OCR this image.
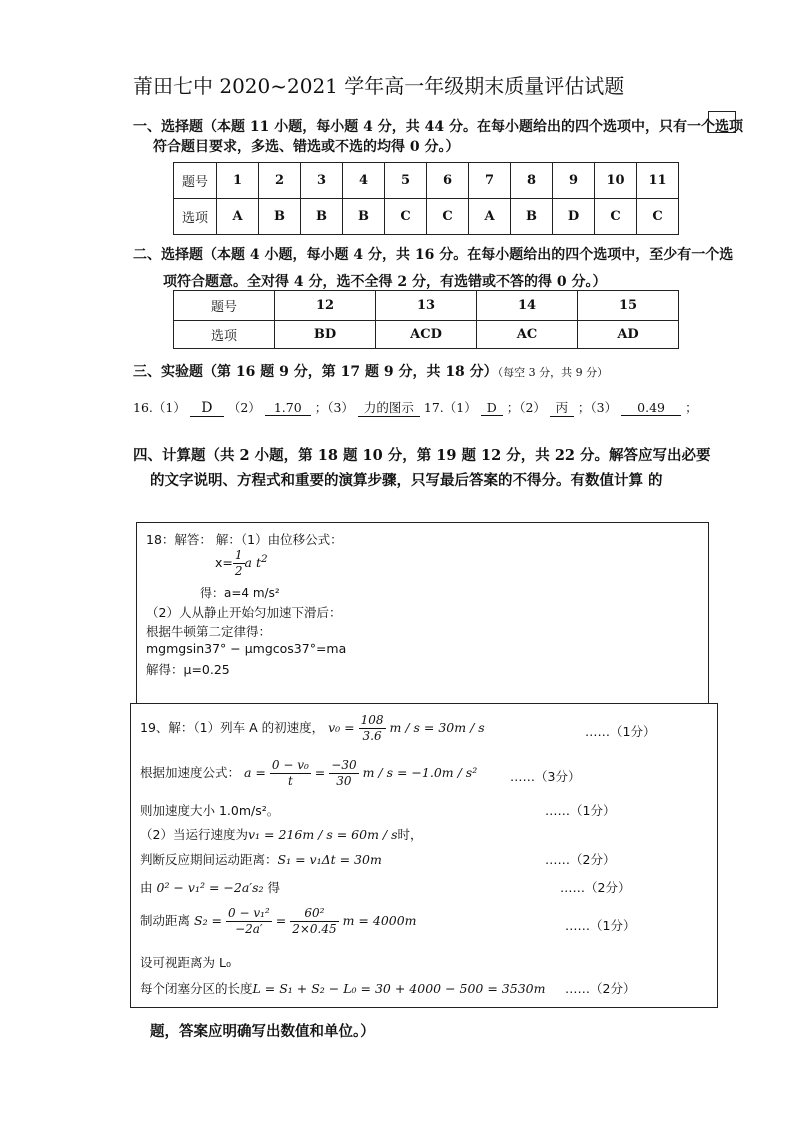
莆田七中 2020~2021 学年高一年级期末质量评估试题
一、选择题（本题 11 小题，每小题 4 分，共 44 分。在每小题给出的四个选项中，只有一个选项
符合题目要求，多选、错选或不选的均得 0 分。）
题号	1	2	3	4	5	6	7	8	9	10	11
选项	A	B	B	B	C	C	A	B	D	C	C
二、选择题（本题 4 小题，每小题 4 分，共 16 分。在每小题给出的四个选项中，至少有一个选
项符合题意。全对得 4 分，选不全得 2 分，有选错或不答的得 0 分。）
题号	12	13	14	15
选项	BD	ACD	AC	AD
三、实验题（第 16 题 9 分，第 17 题 9 分，共 18 分）（每空 3 分，共 9 分）
16.（1） D （2） 1.70 ；（3） 力的图示 17.（1） D ；（2） 丙 ；（3） 0.49 ；
四、计算题（共 2 小题，第 18 题 10 分，第 19 题 12 分，共 22 分。解答应写出必要
的文字说明、方程式和重要的演算步骤，只写最后答案的不得分。有数值计算 的
18：解答： 解：（1）由位移公式：
$x= \frac{1}{2}$ a $t^2$
得：a=4 m/s²
（2）人从静止开始匀加速下滑后：
根据牛顿第二定律得：
mgmgsin37° − μmgcos37°=ma
解得：μ=0.25
19、解：（1）列车 A 的初速度， $v_0 = \frac{108}{3.6}$ m / s = 30m / s	……（1分）
根据加速度公式： $a = \frac{\text{0 − v₀}}{t} = \frac{-30}{30}$ m / s = −1.0m / s²	……（3分）
则加速度大小 1.0m/s²。	……（1分）
（2）当运行速度为v₁ = 216m / s = 60m / s时，
判断反应期间运动距离：S₁ = v₁Δt = 30m	……（2分）
由 0² − v₁² = −2a′s₂ 得	……（2分）
制动距离 $S_2 = \frac{\text{0 − v₁²}}{-2a'} = \frac{\text{60²}}{2\times 0.45}$ m = 4000m	……（1分）
设可视距离为 L₀
每个闭塞分区的长度L = S₁ + S₂ − L₀ = 30 + 4000 − 500 = 3530m ……（2分）
题，答案应明确写出数值和单位。）
